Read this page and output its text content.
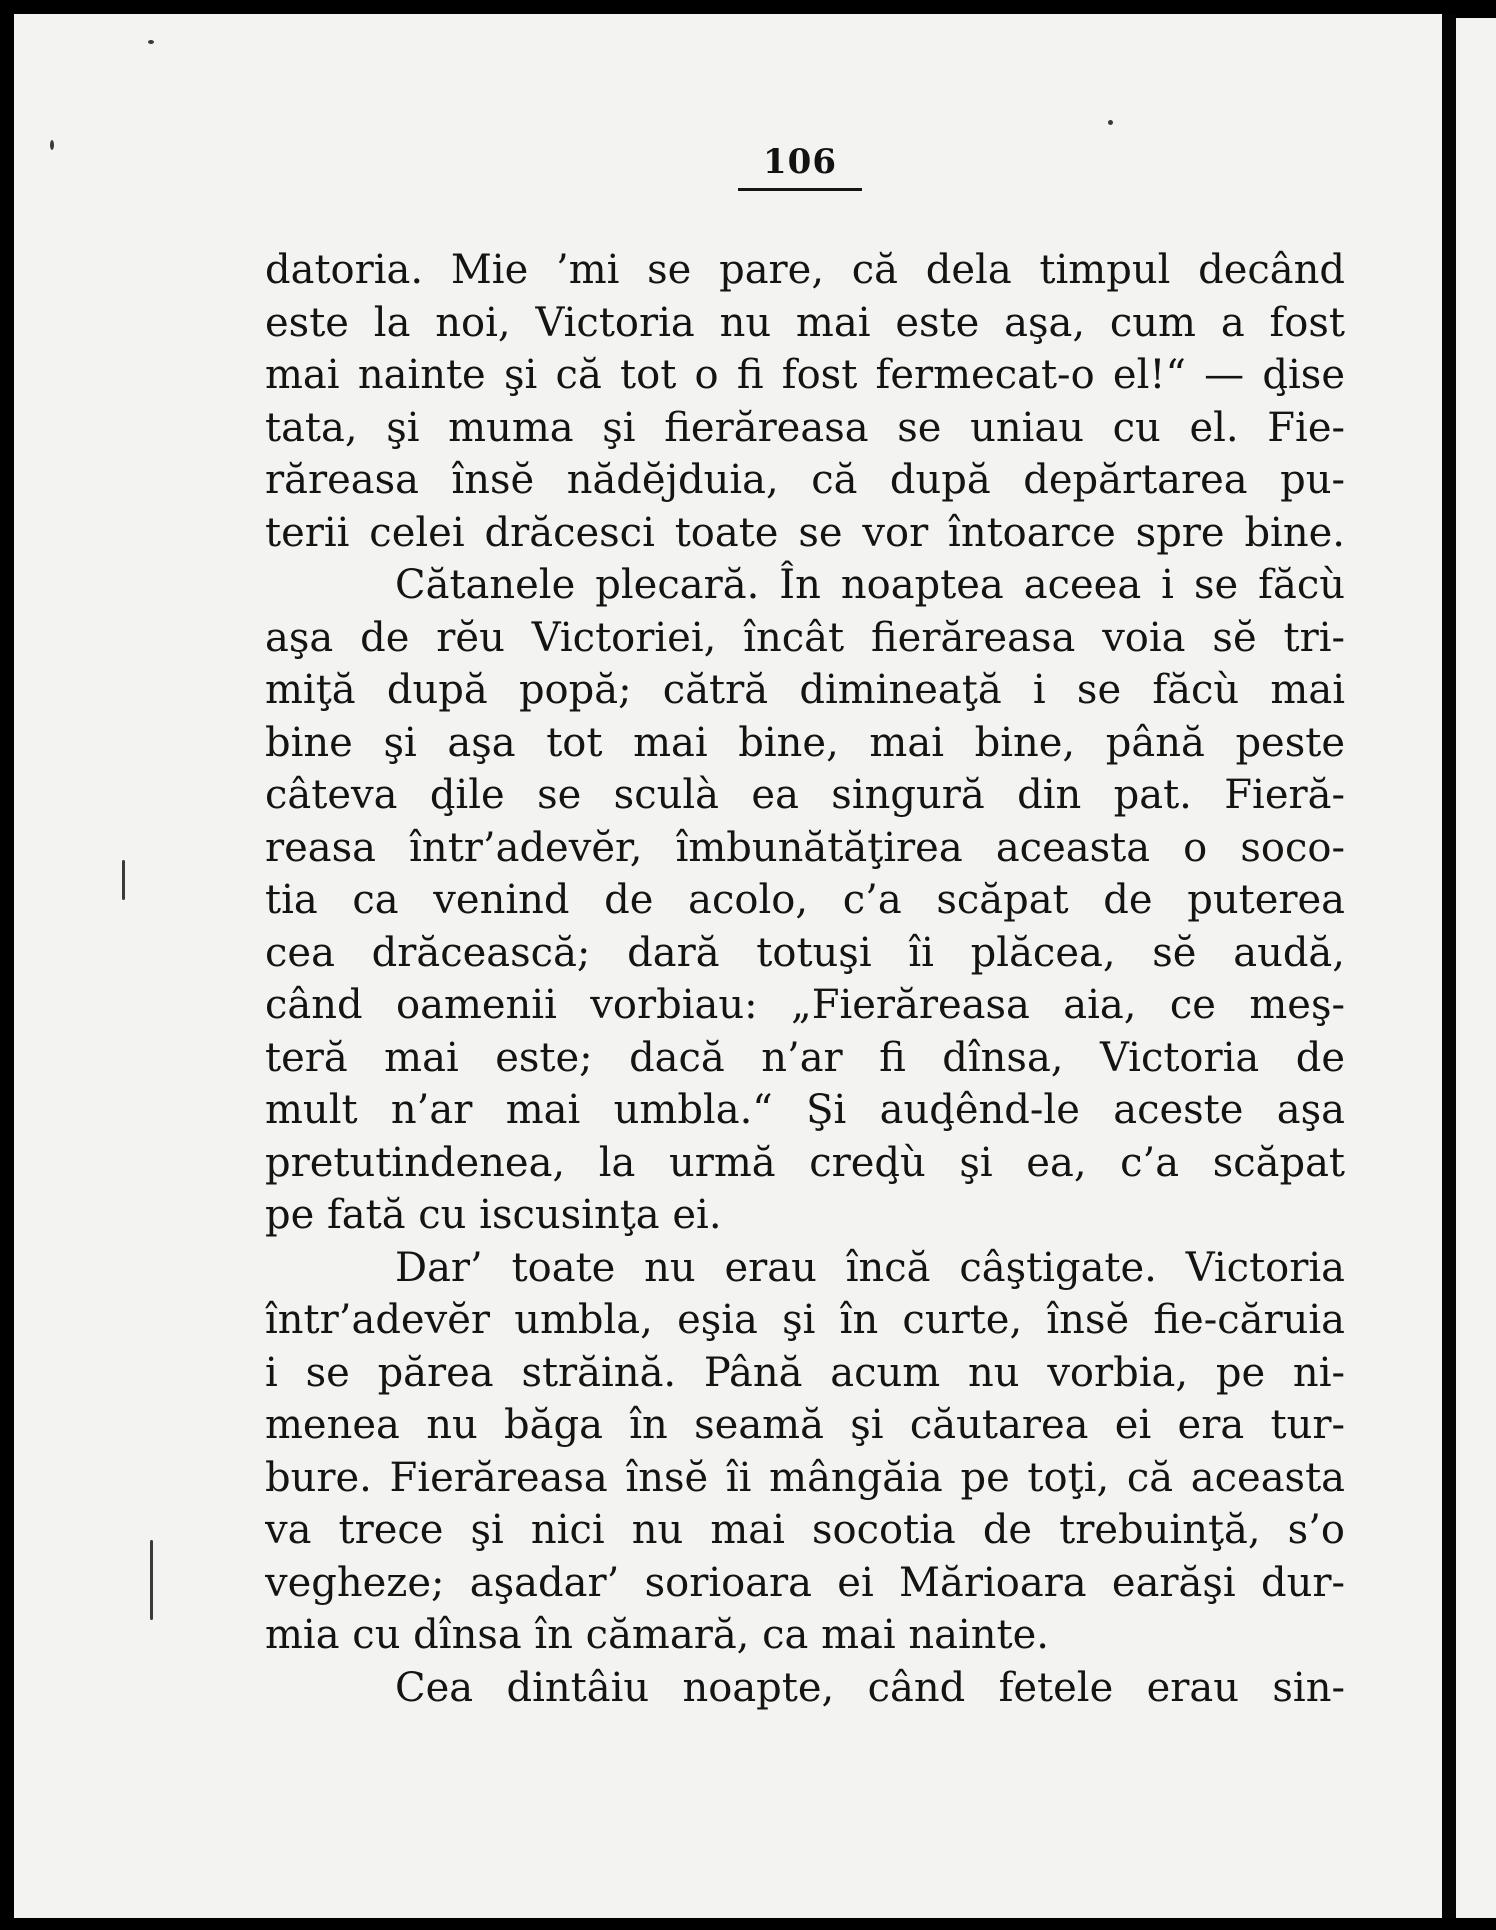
106
datoria. Mie ’mi se pare, că dela timpul decând
este la noi, Victoria nu mai este aşa, cum a fost
mai nainte şi că tot o fi fost fermecat-o el!“ — ḑise
tata, şi muma şi fierăreasa se uniau cu el. Fie-
răreasa însĕ nădĕjduia, că după depărtarea pu-
terii celei drăcesci toate se vor întoarce spre bine.
Cătanele plecară. În noaptea aceea i se făcù
aşa de rĕu Victoriei, încât fierăreasa voia sĕ tri-
miţă după popă; cătră dimineaţă i se făcù mai
bine şi aşa tot mai bine, mai bine, până peste
câteva ḑile se sculà ea singură din pat. Fieră-
reasa într’adevĕr, îmbunătăţirea aceasta o soco-
tia ca venind de acolo, c’a scăpat de puterea
cea drăcească; dară totuşi îi plăcea, sĕ audă,
când oamenii vorbiau: „Fierăreasa aia, ce meş-
teră mai este; dacă n’ar fi dînsa, Victoria de
mult n’ar mai umbla.“ Şi auḑênd-le aceste aşa
pretutindenea, la urmă creḑù şi ea, c’a scăpat
pe fată cu iscusinţa ei.
Dar’ toate nu erau încă câştigate. Victoria
într’adevĕr umbla, eşia şi în curte, însĕ fie-căruia
i se părea străină. Până acum nu vorbia, pe ni-
menea nu băga în seamă şi căutarea ei era tur-
bure. Fierăreasa însĕ îi mângăia pe toţi, că aceasta
va trece şi nici nu mai socotia de trebuinţă, s’o
vegheze; aşadar’ sorioara ei Mărioara earăşi dur-
mia cu dînsa în cămară, ca mai nainte.
Cea dintâiu noapte, când fetele erau sin-
